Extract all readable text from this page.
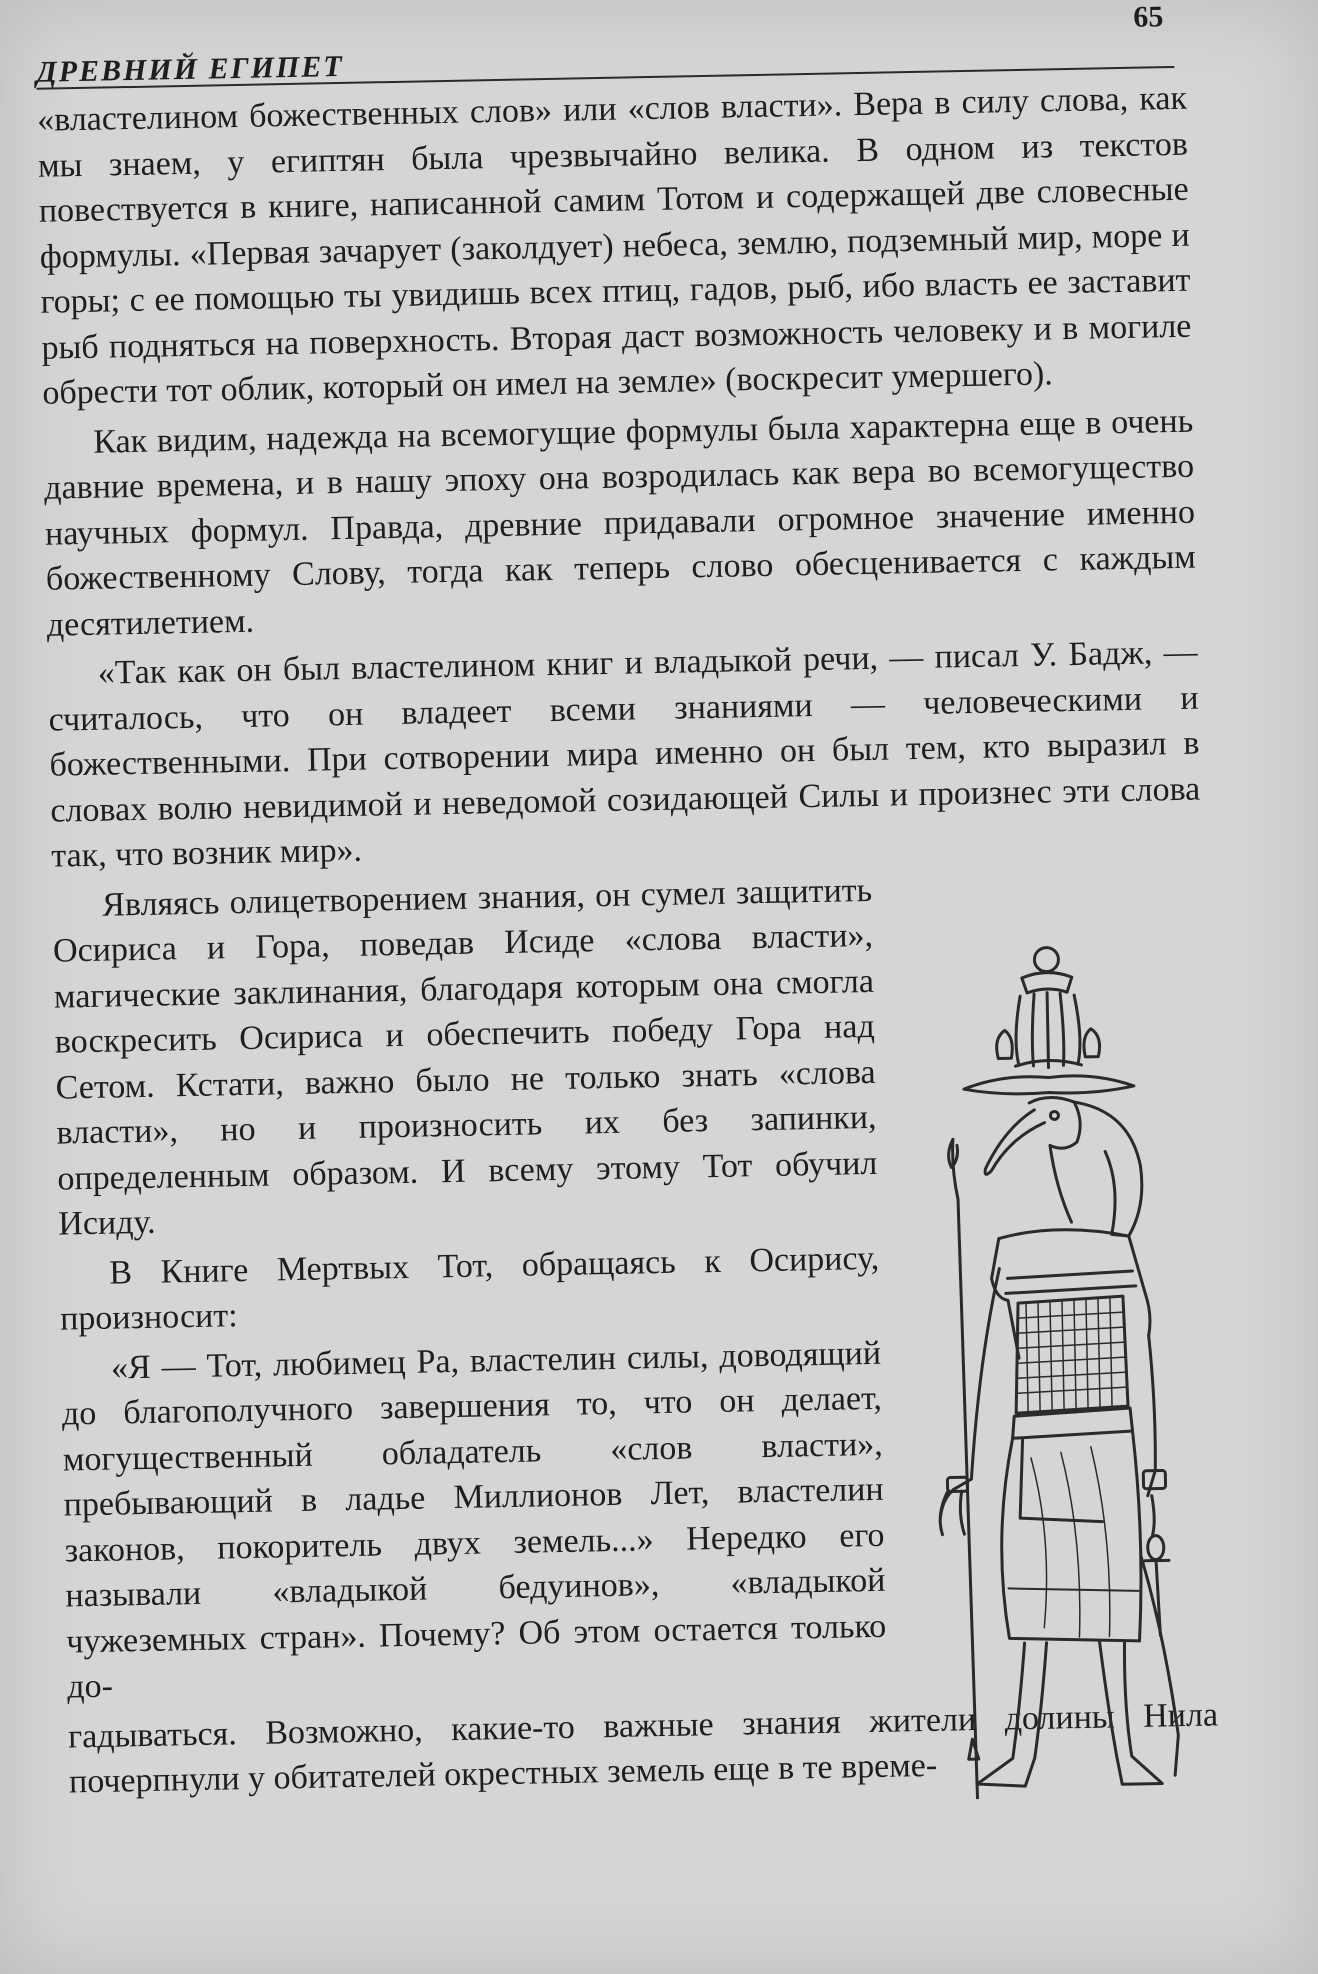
ДРЕВНИЙ ЕГИПЕТ
65

«властелином божественных слов» или «слов власти». Вера в силу слова, как мы знаем, у египтян была чрезвычайно велика. В одном из текстов повествуется в книге, написанной самим Тотом и содержащей две словесные формулы. «Первая зачарует (заколдует) небеса, землю, подземный мир, море и горы; с ее помощью ты увидишь всех птиц, гадов, рыб, ибо власть ее заставит рыб подняться на поверхность. Вторая даст возможность человеку и в могиле обрести тот облик, который он имел на земле» (воскресит умершего).

Как видим, надежда на всемогущие формулы была характерна еще в очень давние времена, и в нашу эпоху она возродилась как вера во всемогущество научных формул. Правда, древние придавали огромное значение именно божественному Слову, тогда как теперь слово обесценивается с каждым десятилетием.

«Так как он был властелином книг и владыкой речи, — писал У. Бадж, — считалось, что он владеет всеми знаниями — человеческими и божественными. При сотворении мира именно он был тем, кто выразил в словах волю невидимой и неведомой созидающей Силы и произнес эти слова так, что возник мир».

Являясь олицетворением знания, он сумел защитить Осириса и Гора, поведав Исиде «слова власти», магические заклинания, благодаря которым она смогла воскресить Осириса и обеспечить победу Гора над Сетом. Кстати, важно было не только знать «слова власти», но и произносить их без запинки, определенным образом. И всему этому Тот обучил Исиду.

В Книге Мертвых Тот, обращаясь к Осирису, произносит:

«Я — Тот, любимец Ра, властелин силы, доводящий до благополучного завершения то, что он делает, могущественный обладатель «слов власти», пребывающий в ладье Миллионов Лет, властелин законов, покоритель двух земель...» Нередко его называли «владыкой бедуинов», «владыкой чужеземных стран». Почему? Об этом остается только до-

гадываться. Возможно, какие-то важные знания жители долины Нила почерпнули у обитателей окрестных земель еще в те време-
